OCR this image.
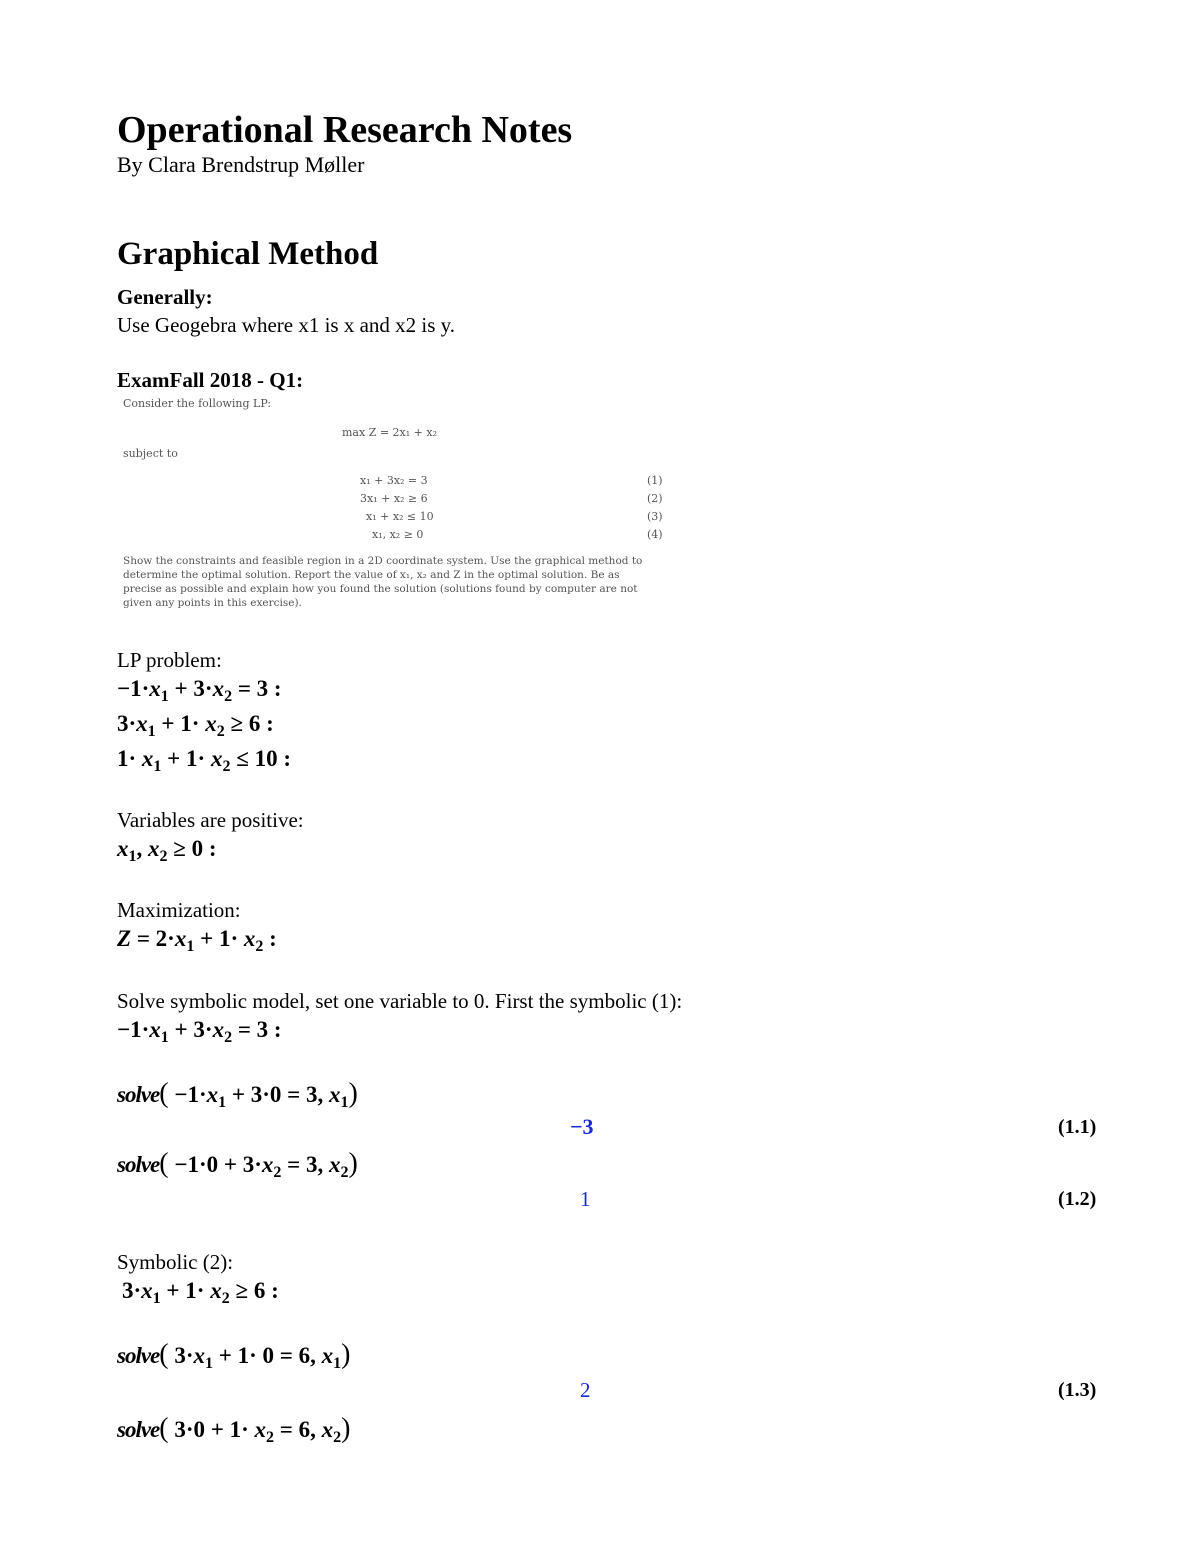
Operational Research Notes
By Clara Brendstrup Møller
Graphical Method
Generally:
Use Geogebra where x1 is x and x2 is y.
ExamFall 2018 - Q1:
Consider the following LP:
max Z = 2x₁ + x₂
subject to
x₁ + 3x₂ = 3	(1)
3x₁ + x₂ ≥ 6	(2)
x₁ + x₂ ≤ 10	(3)
x₁, x₂ ≥ 0	(4)
Show the constraints and feasible region in a 2D coordinate system. Use the graphical method to
determine the optimal solution. Report the value of x₁, x₂ and Z in the optimal solution. Be as
precise as possible and explain how you found the solution (solutions found by computer are not
given any points in this exercise).
LP problem:
$-1\cdot x_1 + 3\cdot x_2 = 3$ :
$3\cdot x_1 + 1\cdot x_2 \ge 6$ :
$1\cdot x_1 + 1\cdot x_2 \le 10$ :
Variables are positive:
$x_1$, $x_2 \ge 0$ :
Maximization:
$Z = 2\cdot x_1 + 1\cdot x_2$ :
Solve symbolic model, set one variable to 0. First the symbolic (1):
$-1\cdot x_1 + 3\cdot x_2 = 3$ :
solve( $-1\cdot x_1 + 3\cdot 0 = 3$, $x_1$)
−3	(1.1)
solve( $-1\cdot 0 + 3\cdot x_2 = 3$, $x_2$)
1	(1.2)
Symbolic (2):
$3\cdot x_1 + 1\cdot x_2 \ge 6$ :
solve( $3\cdot x_1 + 1\cdot 0 = 6$, $x_1$)
2	(1.3)
solve( $3\cdot 0 + 1\cdot x_2 = 6$, $x_2$)
